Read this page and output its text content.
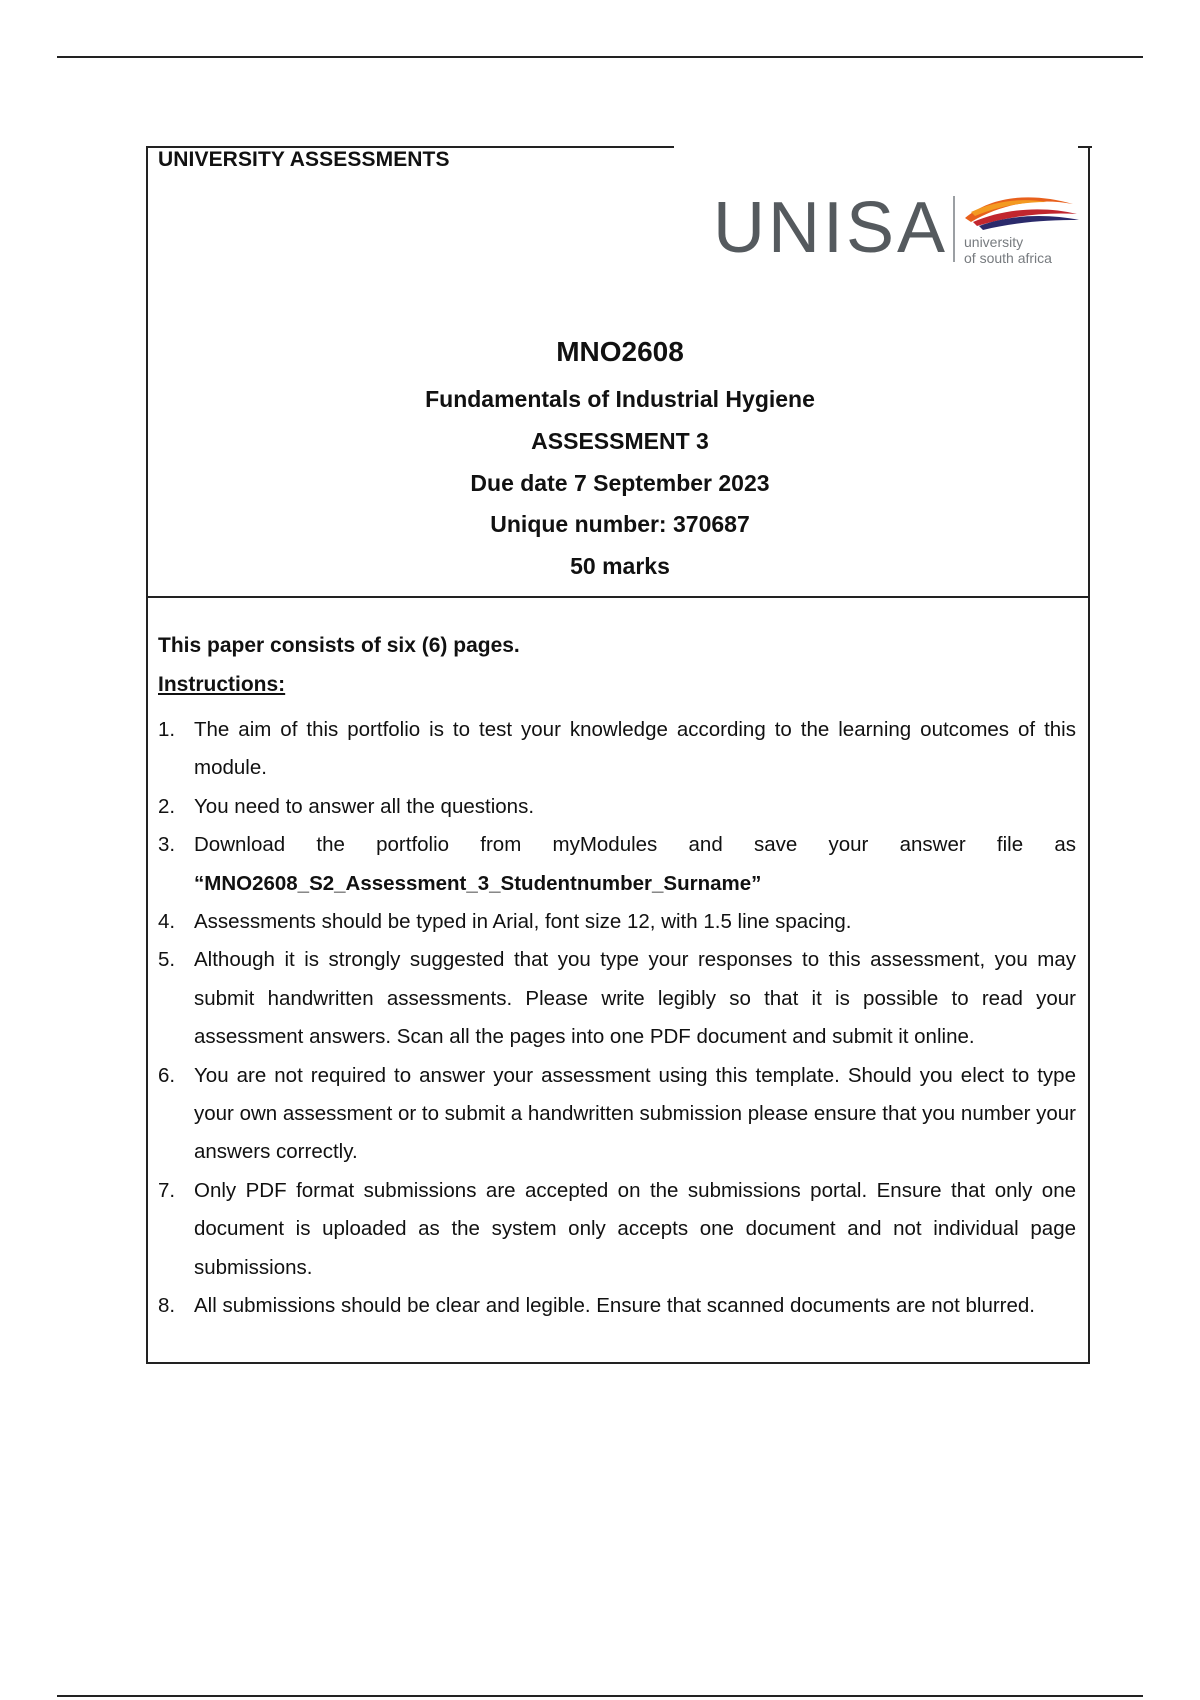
UNIVERSITY ASSESSMENTS
UNISA university
of south africa
MNO2608
Fundamentals of Industrial Hygiene
ASSESSMENT 3
Due date 7 September 2023
Unique number: 370687
50 marks
This paper consists of six (6) pages.
Instructions:
1. The aim of this portfolio is to test your knowledge according to the learning outcomes of this module.
2. You need to answer all the questions.
3. Download the portfolio from myModules and save your answer file as “MNO2608_S2_Assessment_3_Studentnumber_Surname”
4. Assessments should be typed in Arial, font size 12, with 1.5 line spacing.
5. Although it is strongly suggested that you type your responses to this assessment, you may submit handwritten assessments. Please write legibly so that it is possible to read your assessment answers. Scan all the pages into one PDF document and submit it online.
6. You are not required to answer your assessment using this template. Should you elect to type your own assessment or to submit a handwritten submission please ensure that you number your answers correctly.
7. Only PDF format submissions are accepted on the submissions portal. Ensure that only one document is uploaded as the system only accepts one document and not individual page submissions.
8. All submissions should be clear and legible. Ensure that scanned documents are not blurred.
